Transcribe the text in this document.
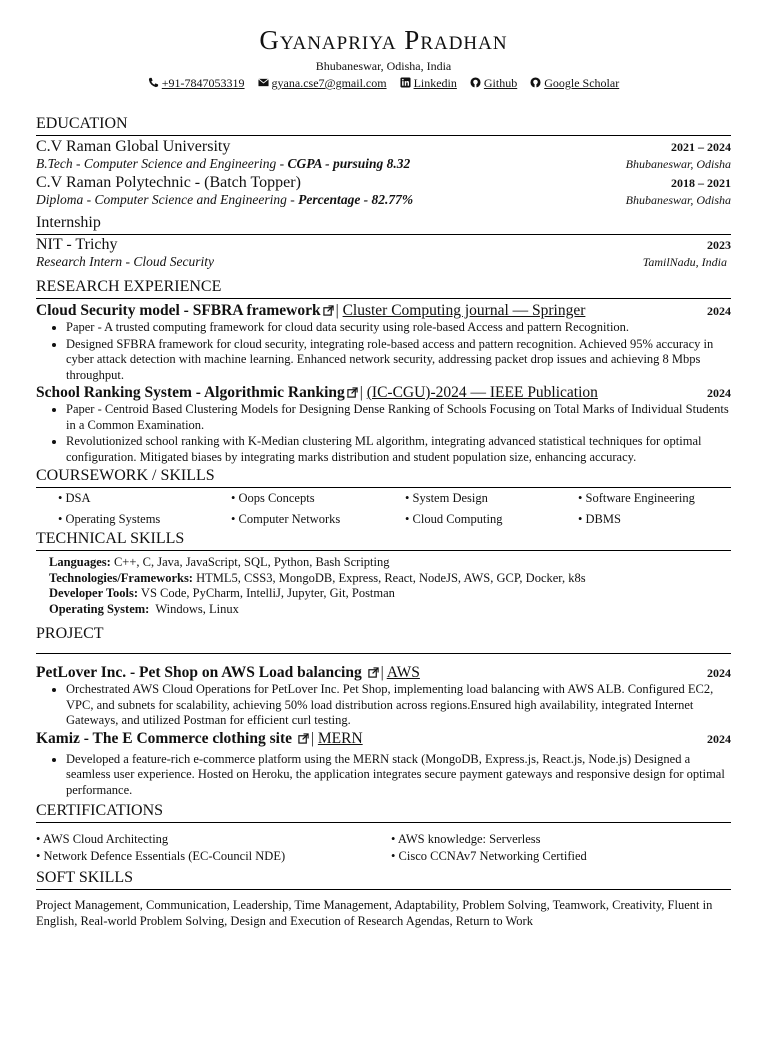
Gyanapriya Pradhan
Bhubaneswar, Odisha, India
+91-7847053319 gyana.cse7@gmail.com Linkedin Github Google Scholar
EDUCATION
C.V Raman Global University	2021 – 2024
B.Tech - Computer Science and Engineering - CGPA - pursuing 8.32	Bhubaneswar, Odisha
C.V Raman Polytechnic - (Batch Topper)	2018 – 2021
Diploma - Computer Science and Engineering - Percentage - 82.77%	Bhubaneswar, Odisha
Internship
NIT - Trichy	2023
Research Intern - Cloud Security	TamilNadu, India
RESEARCH EXPERIENCE
Cloud Security model - SFBRA framework | Cluster Computing journal — Springer	2024
• Paper - A trusted computing framework for cloud data security using role-based Access and pattern Recognition.
• Designed SFBRA framework for cloud security, integrating role-based access and pattern recognition. Achieved 95% accuracy in cyber attack detection with machine learning. Enhanced network security, addressing packet drop issues and achieving 8 Mbps throughput.
School Ranking System - Algorithmic Ranking | (IC-CGU)-2024 — IEEE Publication	2024
• Paper - Centroid Based Clustering Models for Designing Dense Ranking of Schools Focusing on Total Marks of Individual Students in a Common Examination.
• Revolutionized school ranking with K-Median clustering ML algorithm, integrating advanced statistical techniques for optimal configuration. Mitigated biases by integrating marks distribution and student population size, enhancing accuracy.
COURSEWORK / SKILLS
• DSA	• Oops Concepts	• System Design	• Software Engineering
• Operating Systems	• Computer Networks	• Cloud Computing	• DBMS
TECHNICAL SKILLS
Languages: C++, C, Java, JavaScript, SQL, Python, Bash Scripting
Technologies/Frameworks: HTML5, CSS3, MongoDB, Express, React, NodeJS, AWS, GCP, Docker, k8s
Developer Tools: VS Code, PyCharm, IntelliJ, Jupyter, Git, Postman
Operating System:  Windows, Linux
PROJECT
PetLover Inc. - Pet Shop on AWS Load balancing | AWS	2024
• Orchestrated AWS Cloud Operations for PetLover Inc. Pet Shop, implementing load balancing with AWS ALB. Configured EC2, VPC, and subnets for scalability, achieving 50% load distribution across regions.Ensured high availability, integrated Internet Gateways, and utilized Postman for efficient curl testing.
Kamiz - The E Commerce clothing site | MERN	2024
• Developed a feature-rich e-commerce platform using the MERN stack (MongoDB, Express.js, React.js, Node.js) Designed a seamless user experience. Hosted on Heroku, the application integrates secure payment gateways and responsive design for optimal performance.
CERTIFICATIONS
• AWS Cloud Architecting	• AWS knowledge: Serverless
• Network Defence Essentials (EC-Council NDE)	• Cisco CCNAv7 Networking Certified
SOFT SKILLS
Project Management, Communication, Leadership, Time Management, Adaptability, Problem Solving, Teamwork, Creativity, Fluent in English, Real-world Problem Solving, Design and Execution of Research Agendas, Return to Work
